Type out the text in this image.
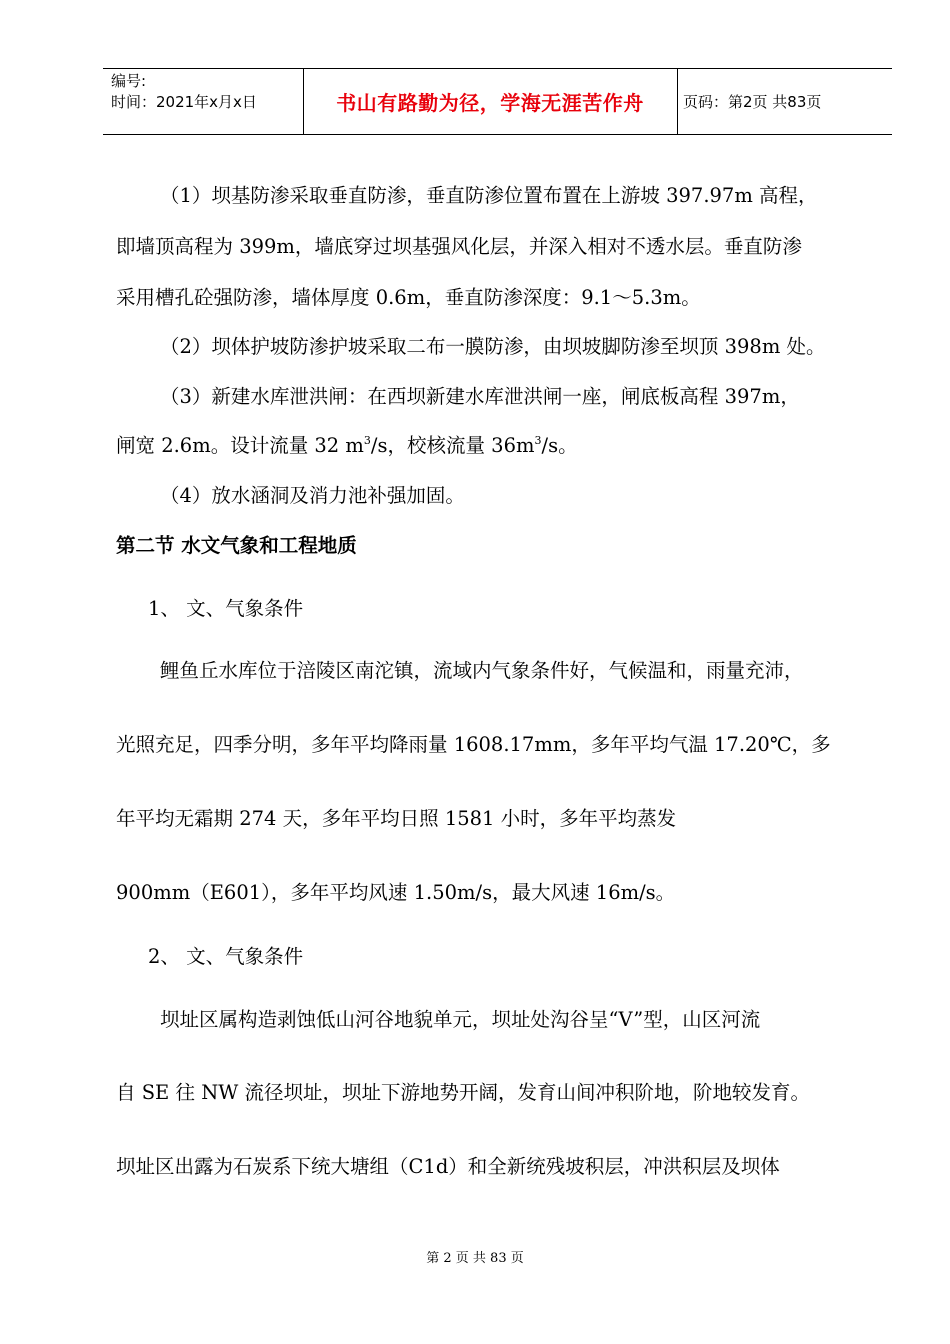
编号:
时间：2021年x月x日	书山有路勤为径，学海无涯苦作舟	页码：第2页 共83页
（1）坝基防渗采取垂直防渗，垂直防渗位置布置在上游坡 397.97m 高程，
即墙顶高程为 399m，墙底穿过坝基强风化层，并深入相对不透水层。垂直防渗
采用槽孔砼强防渗，墙体厚度 0.6m，垂直防渗深度：9.1～5.3m。
（2）坝体护坡防渗护坡采取二布一膜防渗，由坝坡脚防渗至坝顶 398m 处。
（3）新建水库泄洪闸：在西坝新建水库泄洪闸一座，闸底板高程 397m，
闸宽 2.6m。设计流量 32 $m^3/s$，校核流量 $36m^3/s$。
（4）放水涵洞及消力池补强加固。
第二节 水文气象和工程地质
1、 文、气象条件
鲤鱼丘水库位于涪陵区南沱镇，流域内气象条件好，气候温和，雨量充沛，
光照充足，四季分明，多年平均降雨量 1608.17mm，多年平均气温 17.20℃，多
年平均无霜期 274 天，多年平均日照 1581 小时，多年平均蒸发
900mm（E601），多年平均风速 1.50m/s，最大风速 16m/s。
2、 文、气象条件
坝址区属构造剥蚀低山河谷地貌单元，坝址处沟谷呈“V”型，山区河流
自 SE 往 NW 流径坝址，坝址下游地势开阔，发育山间冲积阶地，阶地较发育。
坝址区出露为石炭系下统大塘组（C1d）和全新统残坡积层，冲洪积层及坝体
第 2 页 共 83 页
